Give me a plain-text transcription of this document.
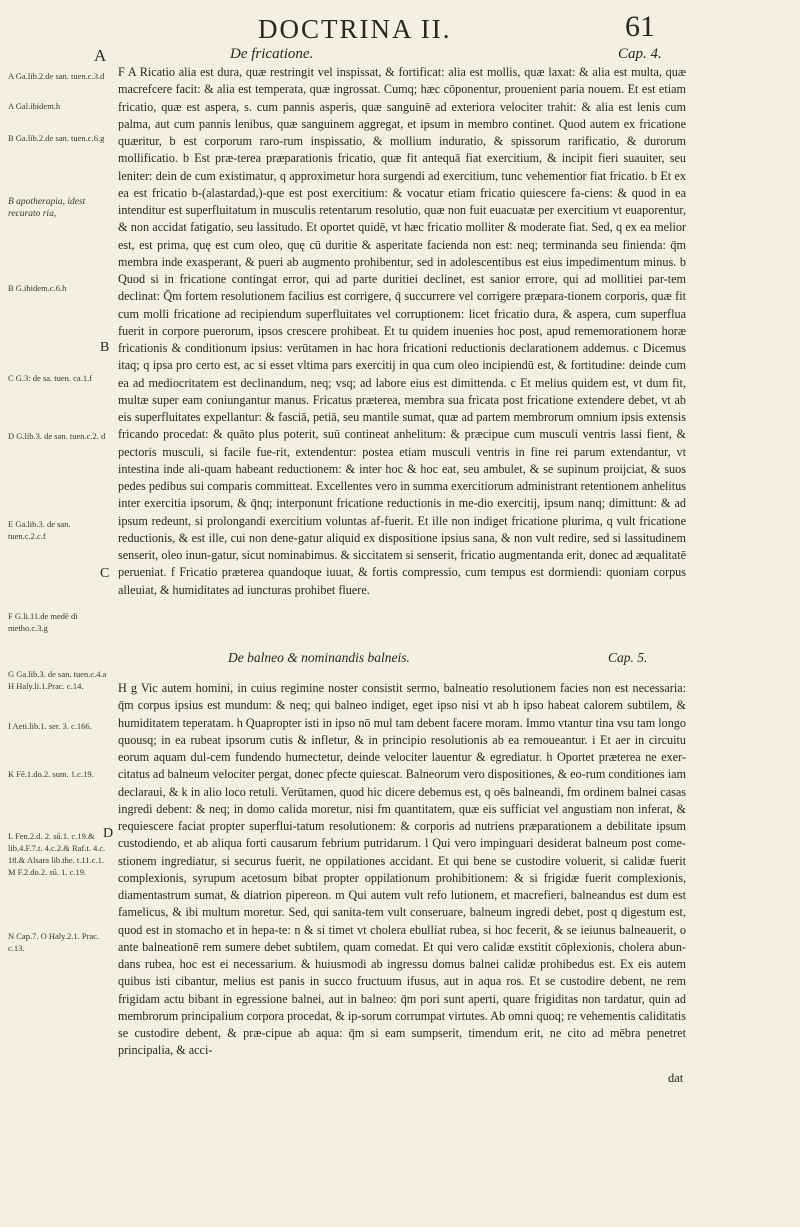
DOCTRINA II.	61
A	De fricatione.	Cap. 4.

F A Ricatio alia est dura, quæ restringit vel inspissat, & fortificat: alia est mollis, quæ laxat: & alia est multa, quæ macrefcere facit: & alia est temperata, quæ ingrossat. Cumq; hæc cōponentur, prouenient paria nouem. Et est etiam fricatio, quæ est aspera, s. cum pannis asperis, quæ sanguinē ad exteriora velociter trahit: & alia est lenis cum palma, aut cum pannis lenibus, quæ sanguinem aggregat, et ipsum in membro continet. Quod autem ex fricatione quæritur, b est corporum raro-rum inspissatio, & mollium induratio, & spissorum rarificatio, & durorum mollificatio. b Est præ-terea præparationis fricatio, quæ fit antequā fiat exercitium, & incipit fieri suauiter, seu leniter: dein de cum existimatur, q approximetur hora surgendi ad exercitium, tunc vehementior fiat fricatio. b Et ex ea est fricatio b-(alastardad,)-que est post exercitium: & vocatur etiam fricatio quiescere fa-ciens: & quod in ea intenditur est superfluitatum in musculis retentarum resolutio, quæ non fuit euacuatæ per exercitium vt euaporentur, & non accidat fatigatio, seu lassitudo. Et oportet quidē, vt hæc fricatio molliter & moderate fiat. Sed, q ex ea melior est, est prima, quę est cum oleo, quę cū duritie & asperitate facienda non est: neq; terminanda seu finienda: q̄m membra inde exasperant, & pueri ab augmento prohibentur, sed in adolescentibus est eius impedimentum minus. b Quod si in fricatione contingat error, qui ad parte duritiei declinet, est sanior errore, qui ad mollitiei par-tem declinat: Q̄m fortem resolutionem facilius est corrigere, q̄ succurrere vel corrigere præpara-tionem corporis, quæ fit cum molli fricatione ad recipiendum superfluitates vel corruptionem: licet fricatio dura, & aspera, cum superflua fuerit in corpore puerorum, ipsos crescere prohibeat. Et tu quidem inuenies hoc post, apud rememorationem horæ fricationis & conditionum ipsius: verūtamen in hac hora fricationi reductionis declarationem addemus. c Dicemus itaq; q ipsa pro certo est, ac si esset vltima pars exercitij in qua cum oleo incipiendū est, & fortitudine: deinde cum ea ad mediocritatem est declinandum, neq; vsq; ad labore eius est dimittenda. c Et melius quidem est, vt dum fit, multæ super eam coniungantur manus. Fricatus præterea, membra sua fricata post fricatione extendere debet, vt ab eis superfluitates expellantur: & fasciā, petiā, seu mantile sumat, quæ ad partem membrorum omnium ipsis extensis fricando procedat: & quāto plus poterit, suū contineat anhelitum: & præcipue cum musculi ventris lassi fient, & pectoris musculi, si facile fue-rit, extendentur: postea etiam musculi ventris in fine rei parum extendantur, vt intestina inde ali-quam habeant reductionem: & inter hoc & hoc eat, seu ambulet, & se supinum proijciat, & suos pedes pedibus sui comparis committeat. Excellentes vero in summa exercitiorum administrant retentionem anhelitus inter exercitia ipsorum, & q̄nq; interponunt fricatione reductionis in me-dio exercitij, ipsum nanq; dimittunt: & ad ipsum redeunt, si prolongandi exercitium voluntas af-fuerit. Et ille non indiget fricatione plurima, q vult fricatione reductionis, & est ille, cui non dene-gatur aliquid ex dispositione ipsius sana, & non vult redire, sed si lassitudinem senserit, oleo inun-gatur, sicut nominabimus. & siccitatem si senserit, fricatio augmentanda erit, donec ad æqualitatē perueniat. f Fricatio præterea quandoque iuuat, & fortis compressio, cum tempus est dormiendi: quoniam corpus alleuiat, & humiditates ad iuncturas prohibet fluere.

B
C
De balneo & nominandis balneis.	Cap. 5.

H g Vic autem homini, in cuius regimine noster consistit sermo, balneatio resolutionem facies non est necessaria: q̄m corpus ipsius est mundum: & neq; qui balneo indiget, eget ipso nisi vt ab h ipso habeat calorem subtilem, & humiditatem teperatam. h Quapropter isti in ipso nō mul tam debent facere moram. Immo vtantur tina vsu tam longo quousq; in ea rubeat ipsorum cutis & infletur, & in principio resolutionis ab ea remoueantur. i Et aer in circuitu eorum aquam dul-cem fundendo humectetur, deinde velociter lauentur & egrediatur. h Oportet præterea ne exer-citatus ad balneum velociter pergat, donec pfecte quiescat. Balneorum vero dispositiones, & eo-rum conditiones iam declaraui, & k in alio loco retuli. Verūtamen, quod hic dicere debemus est, q oēs balneandi, fm ordinem balnei casas ingredi debent: & neq; in domo calida moretur, nisi fm quantitatem, quæ eis sufficiat vel angustiam non inferat, & requiescere faciat propter superflui-tatum resolutionem: & corporis ad nutriens præparationem a debilitate ipsum custodiendo, et ab aliqua forti causarum febrium putridarum. l Qui vero impinguari desiderat balneum post come-stionem ingrediatur, si securus fuerit, ne oppilationes accidant. Et qui bene se custodire voluerit, si calidæ fuerit complexionis, syrupum acetosum bibat propter oppilationum prohibitionem: & si frigidæ fuerit complexionis, diamentastrum sumat, & diatrion pipereon. m Qui autem vult refo lutionem, et macrefieri, balneandus est dum est famelicus, & ibi multum moretur. Sed, qui sanita-tem vult conseruare, balneum ingredi debet, post q digestum est, quod est in stomacho et in hepa-te: n & si timet vt cholera ebulliat rubea, si hoc fecerit, & se ieiunus balneauerit, o ante balneationē rem sumere debet subtilem, quam comedat. Et qui vero calidæ exstitit cōplexionis, cholera abun-dans rubea, hoc est ei necessarium. & huiusmodi ab ingressu domus balnei calidæ prohibedus est. Ex eis autem quibus isti cibantur, melius est panis in succo fructuum ifusus, aut in aqua ros. Et se custodire debent, ne rem frigidam actu bibant in egressione balnei, aut in balneo: q̄m pori sunt aperti, quare frigiditas non tardatur, quin ad membrorum principalium corpora procedat, & ip-sorum corrumpat virtutes. Ab omni quoq; re vehementis caliditatis se custodire debent, & præ-cipue ab aqua: q̄m si eam sumpserit, timendum erit, ne cito ad mēbra penetret principalia, & acci-

D
dat
A Ga.lib.2.de san. tuen.c.3.d
A Gal.ibidem.h
B Ga.lib.2.de san. tuen.c.6.g
B apotherapia, idest recurato ria,
B G.ibidem.c.6.h
C G.3: de sa. tuen. ca.1.f
D G.lib.3. de san. tuen.c.2. d
E Ga.lib.3. de san. tuen.c.2.c.f
F G.li.11.de medē di metho.c.3.g
G Ga.lib.3. de san. tuen.c.4.a H Haly.li.1.Prac. c.14.
I Aeti.lib.1. ser. 3. c.166.
K Fē.1.do.2. sum. 1.c.19.
L Fen.2.d. 2. sū.1. c.19.& lib.4.F.7.t. 4.c.2.& Raf.t. 4.c. 18.& Alsara lib.the. t.11.c.1. M F.2.do.2. sū. 1. c.19.
N Cap.7. O Haly.2.1. Prac. c.13.
